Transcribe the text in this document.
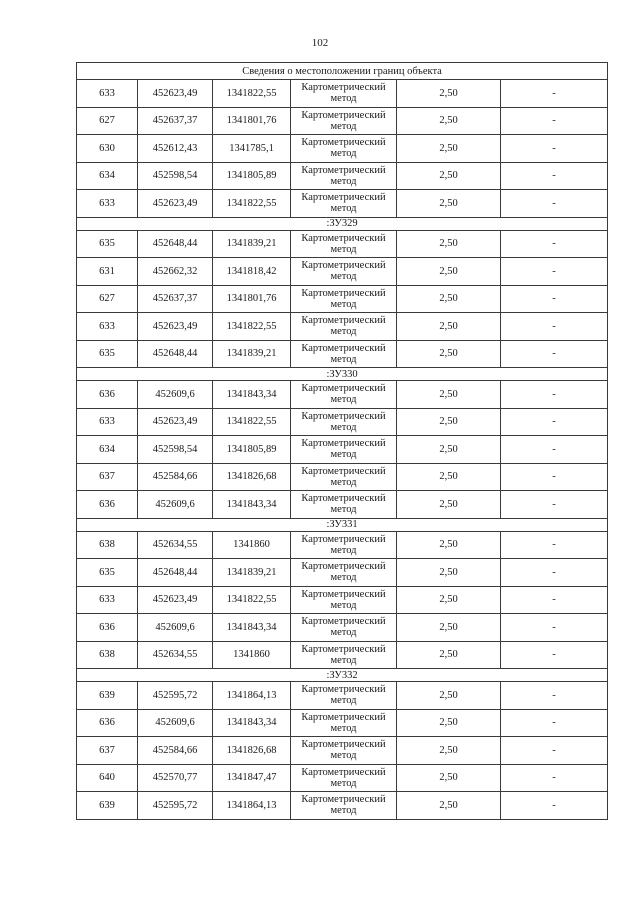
102
Сведения о местоположении границ объекта					
633	452623,49	1341822,55	Картометрический
метод	2,50	-
627	452637,37	1341801,76	Картометрический
метод	2,50	-
630	452612,43	1341785,1	Картометрический
метод	2,50	-
634	452598,54	1341805,89	Картометрический
метод	2,50	-
633	452623,49	1341822,55	Картометрический
метод	2,50	-
:ЗУ329					
635	452648,44	1341839,21	Картометрический
метод	2,50	-
631	452662,32	1341818,42	Картометрический
метод	2,50	-
627	452637,37	1341801,76	Картометрический
метод	2,50	-
633	452623,49	1341822,55	Картометрический
метод	2,50	-
635	452648,44	1341839,21	Картометрический
метод	2,50	-
:ЗУ330					
636	452609,6	1341843,34	Картометрический
метод	2,50	-
633	452623,49	1341822,55	Картометрический
метод	2,50	-
634	452598,54	1341805,89	Картометрический
метод	2,50	-
637	452584,66	1341826,68	Картометрический
метод	2,50	-
636	452609,6	1341843,34	Картометрический
метод	2,50	-
:ЗУ331					
638	452634,55	1341860	Картометрический
метод	2,50	-
635	452648,44	1341839,21	Картометрический
метод	2,50	-
633	452623,49	1341822,55	Картометрический
метод	2,50	-
636	452609,6	1341843,34	Картометрический
метод	2,50	-
638	452634,55	1341860	Картометрический
метод	2,50	-
:ЗУ332					
639	452595,72	1341864,13	Картометрический
метод	2,50	-
636	452609,6	1341843,34	Картометрический
метод	2,50	-
637	452584,66	1341826,68	Картометрический
метод	2,50	-
640	452570,77	1341847,47	Картометрический
метод	2,50	-
639	452595,72	1341864,13	Картометрический
метод	2,50	-
